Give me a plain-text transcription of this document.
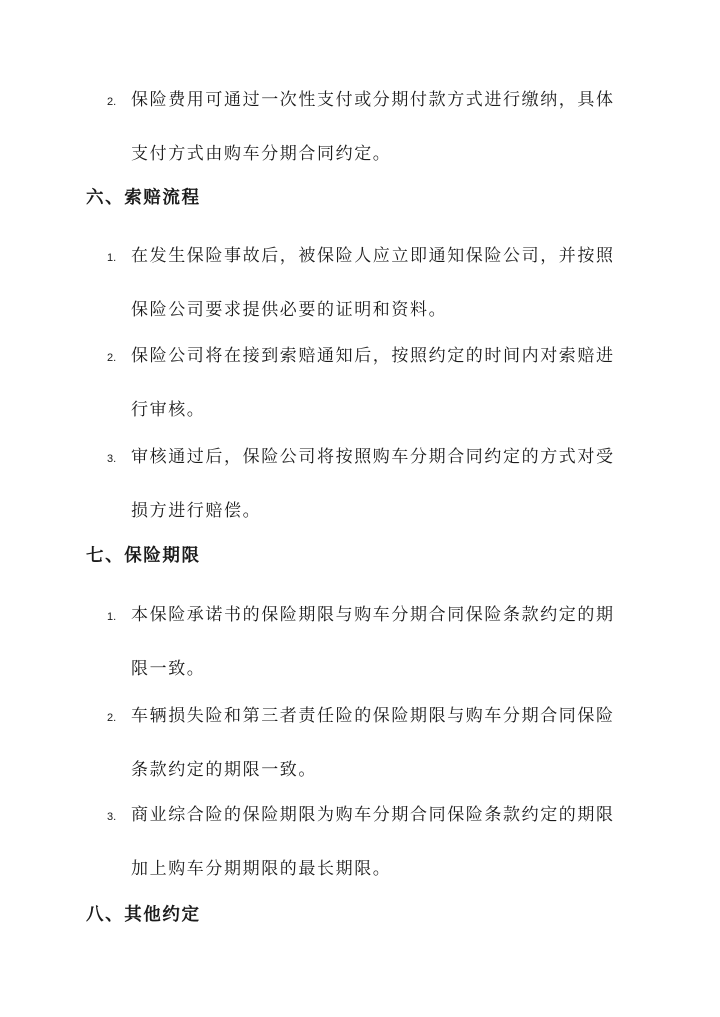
2. 保险费用可通过一次性支付或分期付款方式进行缴纳，具体
支付方式由购车分期合同约定。
六、索赔流程
1. 在发生保险事故后，被保险人应立即通知保险公司，并按照
保险公司要求提供必要的证明和资料。
2. 保险公司将在接到索赔通知后，按照约定的时间内对索赔进
行审核。
3. 审核通过后，保险公司将按照购车分期合同约定的方式对受
损方进行赔偿。
七、保险期限
1. 本保险承诺书的保险期限与购车分期合同保险条款约定的期
限一致。
2. 车辆损失险和第三者责任险的保险期限与购车分期合同保险
条款约定的期限一致。
3. 商业综合险的保险期限为购车分期合同保险条款约定的期限
加上购车分期期限的最长期限。
八、其他约定
